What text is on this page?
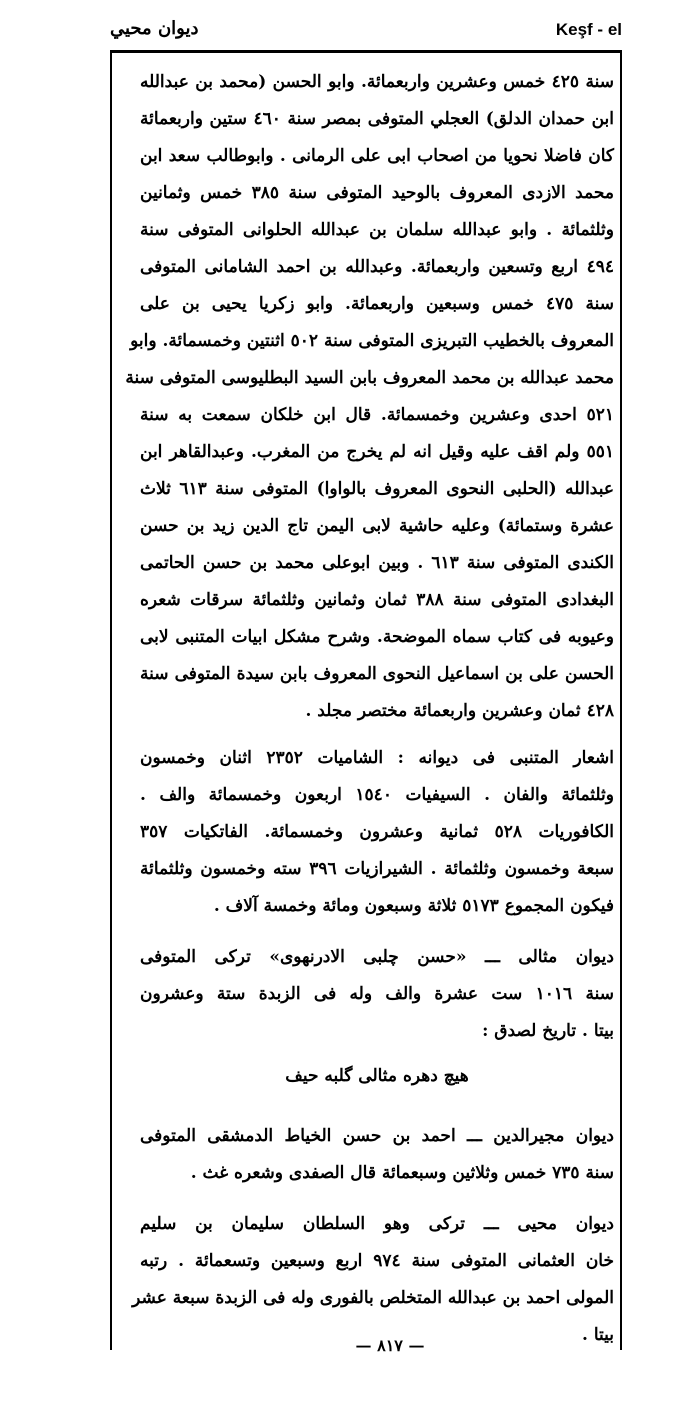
ديوان محيي	Keşf - el
سنة ٤٢٥ خمس وعشرين واربعمائة. وابو الحسن (محمد بن عبدالله
ابن حمدان الدلق) العجلي المتوفى بمصر سنة ٤٦٠ ستين واربعمائة
كان فاضلا نحويا من اصحاب ابى على الرمانى . وابوطالب سعد ابن
محمد الازدى المعروف بالوحيد المتوفى سنة ٣٨٥ خمس وثمانين
وثلثمائة . وابو عبدالله سلمان بن عبدالله الحلوانى المتوفى سنة
٤٩٤ اربع وتسعين واربعمائة. وعبدالله بن احمد الشامانى المتوفى
سنة ٤٧٥ خمس وسبعين واربعمائة. وابو زكريا يحيى بن على
المعروف بالخطيب التبريزى المتوفى سنة ٥٠٢ اثنتين وخمسمائة. وابو
محمد عبدالله بن محمد المعروف بابن السيد البطليوسى المتوفى سنة
٥٢١ احدى وعشرين وخمسمائة. قال ابن خلكان سمعت به سنة
٥٥١ ولم اقف عليه وقيل انه لم يخرج من المغرب. وعبدالقاهر ابن
عبدالله (الحلبى النحوى المعروف بالواوا) المتوفى سنة ٦١٣ ثلاث
عشرة وستمائة) وعليه حاشية لابى اليمن تاج الدين زيد بن حسن
الكندى المتوفى سنة ٦١٣ . وبين ابوعلى محمد بن حسن الحاتمى
البغدادى المتوفى سنة ٣٨٨ ثمان وثمانين وثلثمائة سرقات شعره
وعيوبه فى كتاب سماه الموضحة. وشرح مشكل ابيات المتنبى لابى
الحسن على بن اسماعيل النحوى المعروف بابن سيدة المتوفى سنة
٤٢٨ ثمان وعشرين واربعمائة مختصر مجلد .
اشعار المتنبى فى ديوانه : الشاميات ٢٣٥٢ اثنان وخمسون
وثلثمائة والفان . السيفيات ١٥٤٠ اربعون وخمسمائة والف .
الكافوريات ٥٢٨ ثمانية وعشرون وخمسمائة. الفاتكيات ٣٥٧
سبعة وخمسون وثلثمائة . الشيرازيات ٣٩٦ سته وخمسون وثلثمائة
فيكون المجموع ٥١٧٣ ثلاثة وسبعون ومائة وخمسة آلاف .
ديوان مثالى ـــ «حسن چلبى الادرنهوى» تركى المتوفى
سنة ١٠١٦ ست عشرة والف وله فى الزبدة ستة وعشرون
بيتا . تاريخ لصدق :
هيچ دهره مثالى گلبه حيف
ديوان مجيرالدين ـــ احمد بن حسن الخياط الدمشقى المتوفى
سنة ٧٣٥ خمس وثلاثين وسبعمائة قال الصفدى وشعره غث .
ديوان محيى ـــ تركى وهو السلطان سليمان بن سليم
خان العثمانى المتوفى سنة ٩٧٤ اربع وسبعين وتسعمائة . رتبه
المولى احمد بن عبدالله المتخلص بالفورى وله فى الزبدة سبعة عشر
بيتا .
— ٨١٧ —
